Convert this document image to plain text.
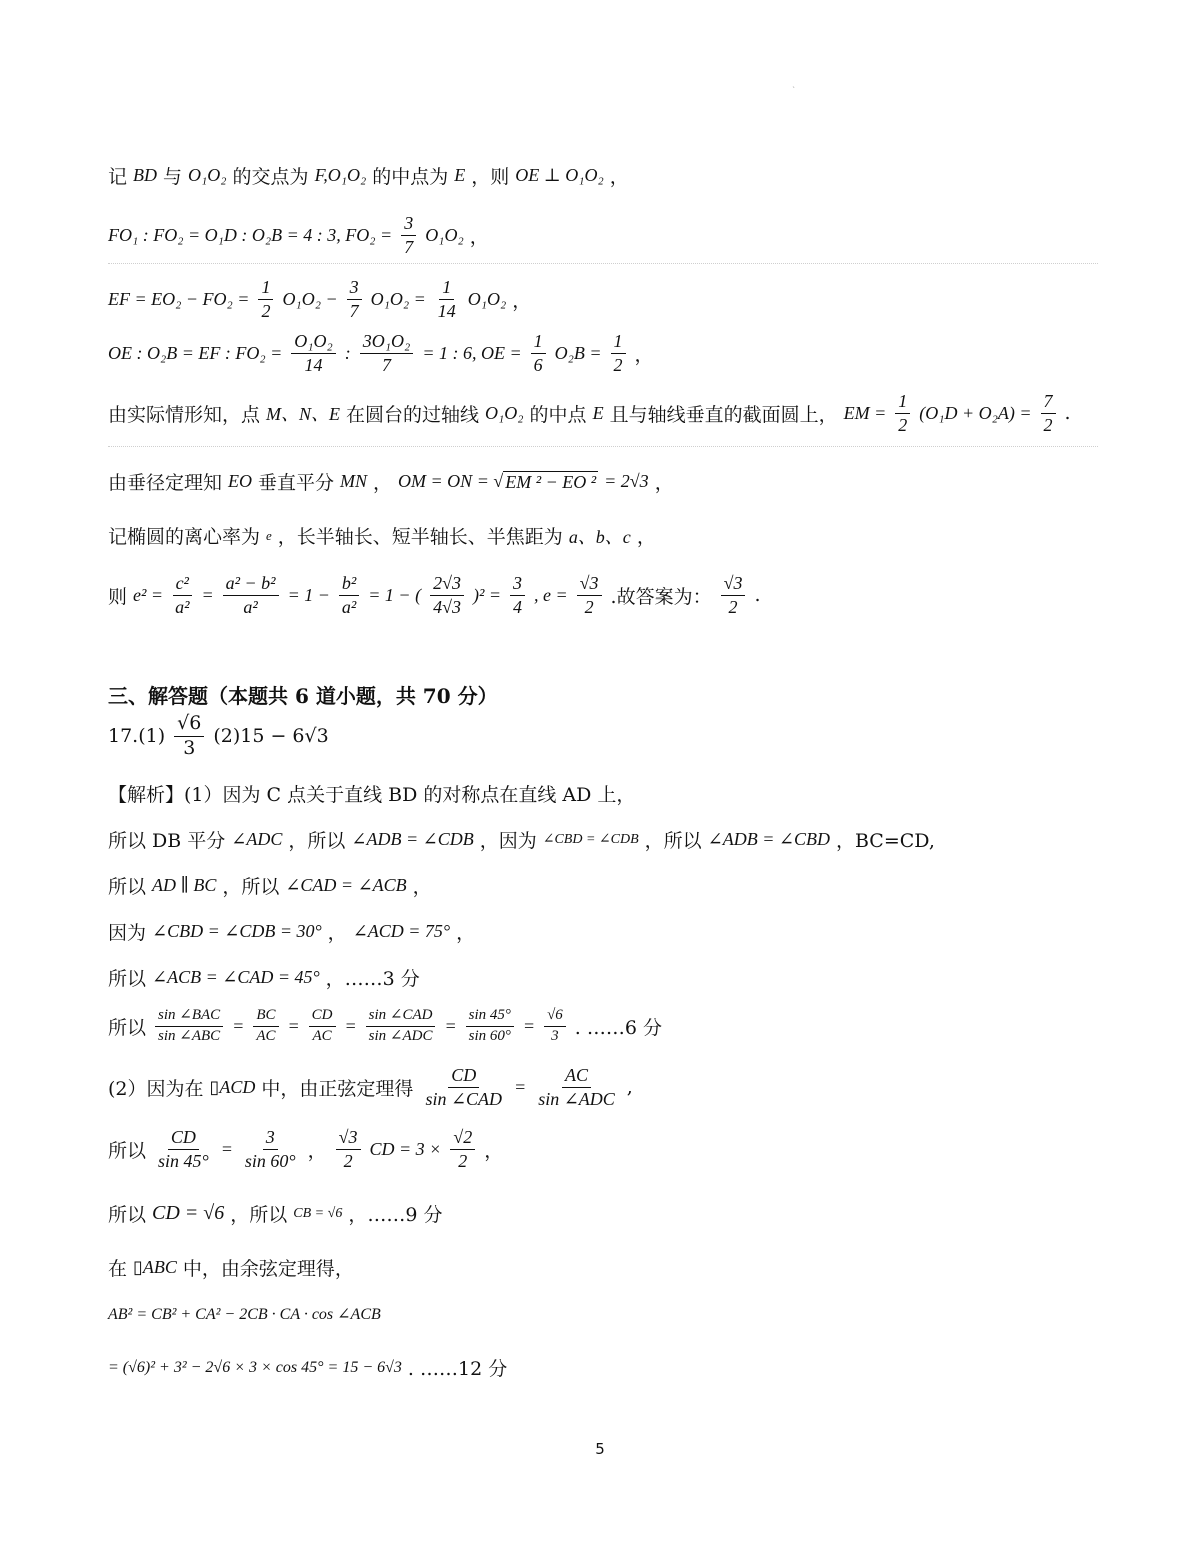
`
记 BD 与 O₁O₂ 的交点为 F,O₁O₂ 的中点为 E ，则 OE ⊥ O₁O₂ ，
FO₁ : FO₂ = O₁D : O₂B = 4 : 3, $FO_2 = \frac{3}{7} O_1O_2$ ，
EF = $EO_2 - FO_2 = \frac{1}{2} O_1O_2 - \frac{3}{7} O_1O_2 = \frac{1}{14} O_1O_2$ ，
OE : O₂B = EF : $FO_2 = \frac{\text{O₁O₂}}{14}$ : $\frac{\text{3O₁O₂}}{7} = 1$ : 6, OE = $\frac{1}{6} O_2B = \frac{1}{2}$ ，
由实际情形知，点 M、N、E 在圆台的过轴线 O₁O₂ 的中点 E 且与轴线垂直的截面圆上， EM = $\frac{1}{2} (O_1D + O_2A) = \frac{7}{2}$ .
由垂径定理知 EO 垂直平分 MN ， OM = ON = √ EM ² − EO ² = 2√3 ，
记椭圆的离心率为 e ，长半轴长、短半轴长、半焦距为 a、b、c ，
则 $e^2 = \frac{\text{c²}}{\text{a²}} = \frac{\text{a² − b²}}{\text{a²}} = 1 - \frac{\text{b²}}{\text{a²}} = 1$ − ( $\frac{2√3}{4√3} )^2 = \frac{3}{4}$ , $e = \frac{√3}{2}$ .故答案为： $\frac{√3}{2}$ .
三、解答题（本题共 6 道小题，共 70 分）
$17.(1) \frac{√6}{3} (2)15 - 6√3$
【解析】(1）因为 C 点关于直线 BD 的对称点在直线 AD 上，
所以 DB 平分 ∠ADC ，所以 ∠ADB = ∠CDB ，因为 ∠CBD = ∠CDB ，所以 ∠ADB = ∠CBD ，BC=CD,
所以 AD ∥ BC ，所以 ∠CAD = ∠ACB ，
因为 ∠CBD = ∠CDB = 30° ， ∠ACD = 75° ，
所以 ∠ACB = ∠CAD = 45° ，……3 分
所以 $\frac{\text{sin ∠BAC}}{\text{sin ∠ABC}} = \frac{BC}{AC} = \frac{CD}{AC} = \frac{\text{sin ∠CAD}}{\text{sin ∠ADC}} = \frac{\sin 45^\circ}{\sin 60^\circ} = \frac{√6}{3}$ . ……6 分
(2）因为在 ▯ACD 中，由正弦定理得 $\frac{CD}{\text{sin ∠CAD}} = \frac{AC}{\text{sin ∠ADC}}$ ,
所以 $\frac{CD}{\sin 45^\circ} = \frac{3}{\sin 60^\circ}$ ， $\frac{√3}{2}$ CD = $3 \times \frac{√2}{2}$ ，
所以 CD = √6 ，所以 CB = √6 ，……9 分
在 ▯ABC 中，由余弦定理得，
AB² = CB² + CA² − 2CB · CA · cos ∠ACB
= (√6)² + 3² − 2√6 × 3 × cos 45° = 15 − 6√3 . ……12 分
5
